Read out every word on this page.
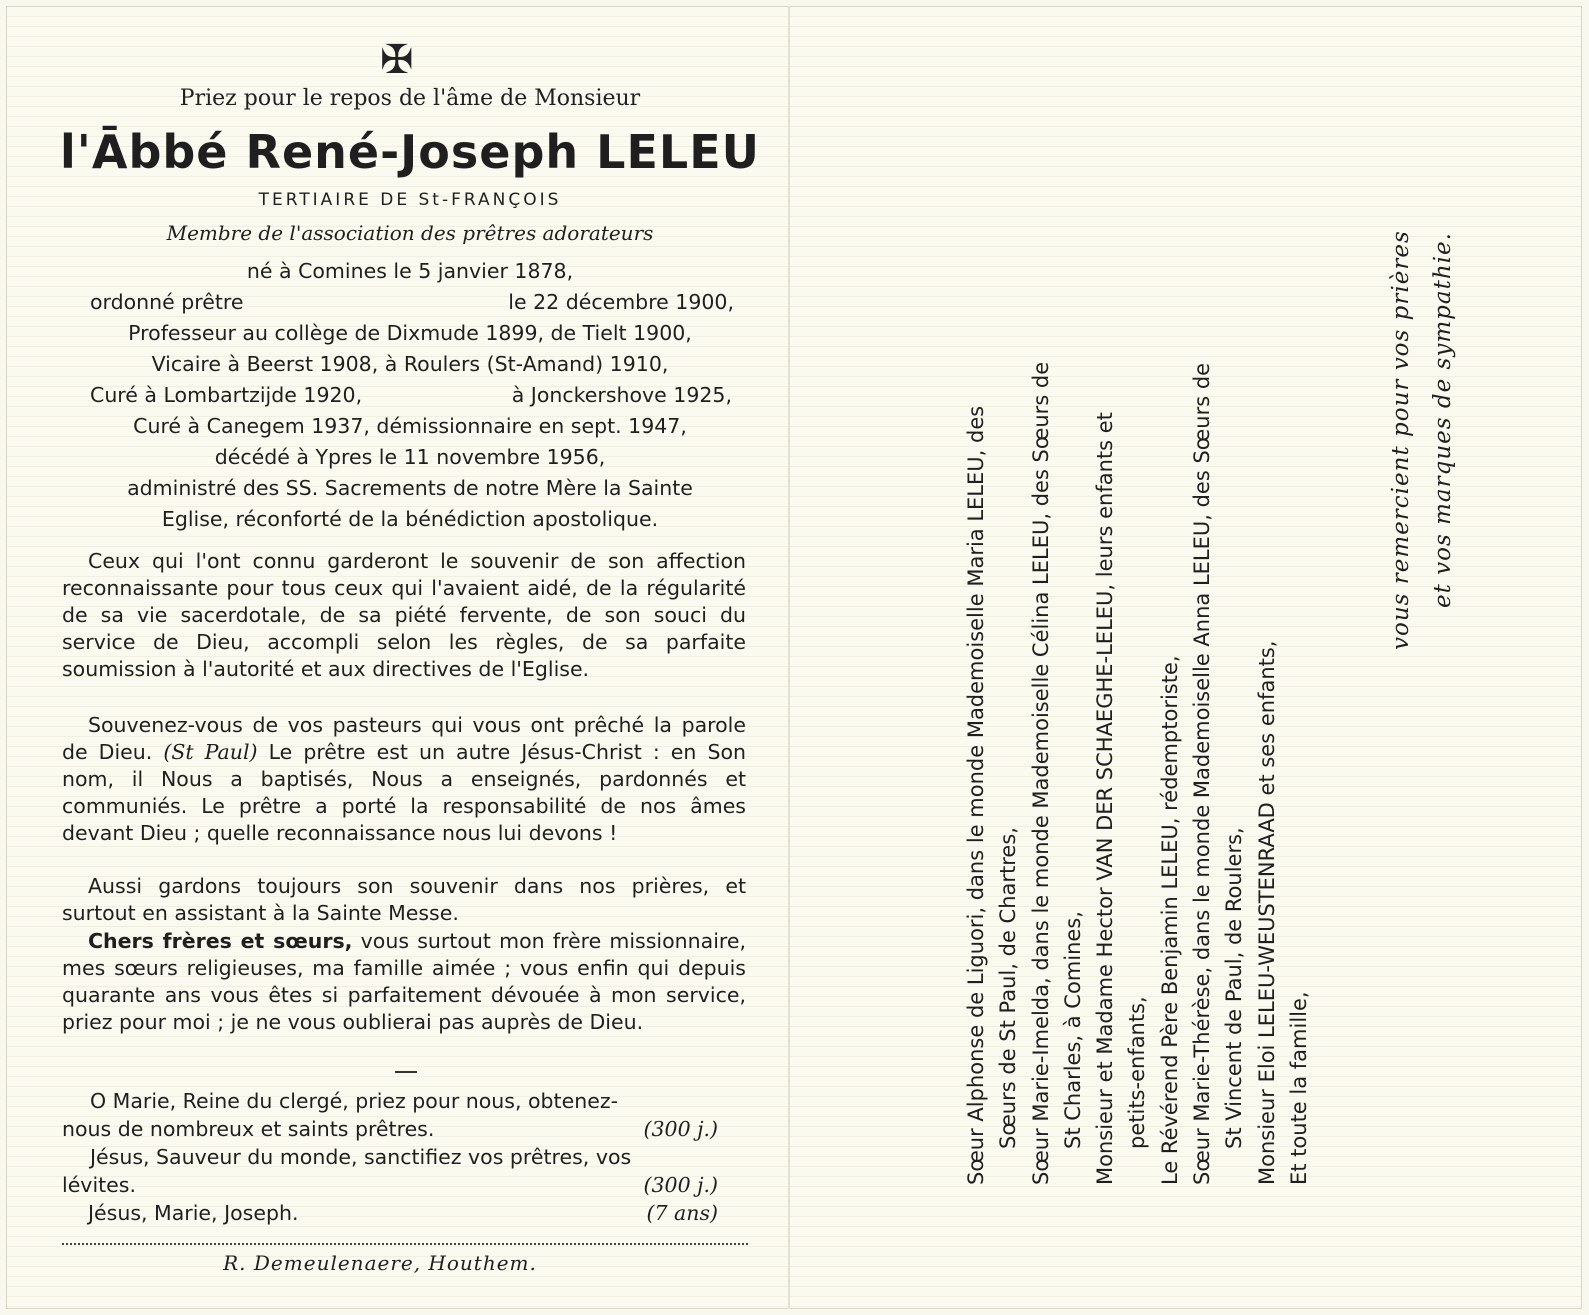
✠
Priez pour le repos de l'âme de Monsieur
l'Ābbé René-Joseph LELEU
TERTIAIRE DE St-FRANÇOIS
Membre de l'association des prêtres adorateurs
né à Comines le 5 janvier 1878,
ordonné prêtre	le 22 décembre 1900,
Professeur au collège de Dixmude 1899, de Tielt 1900,
Vicaire à Beerst 1908, à Roulers (St-Amand) 1910,
Curé à Lombartzijde 1920,	à Jonckershove 1925,
Curé à Canegem 1937, démissionnaire en sept. 1947,
décédé à Ypres le 11 novembre 1956,
administré des SS. Sacrements de notre Mère la Sainte
Eglise, réconforté de la bénédiction apostolique.
Ceux qui l'ont connu garderont le souvenir de son affection reconnaissante pour tous ceux qui l'avaient aidé, de la régularité de sa vie sacerdotale, de sa piété fervente, de son souci du service de Dieu, accompli selon les règles, de sa parfaite soumission à l'autorité et aux directives de l'Eglise.
Souvenez-vous de vos pasteurs qui vous ont prêché la parole de Dieu. (St Paul) Le prêtre est un autre Jésus-Christ : en Son nom, il Nous a baptisés, Nous a enseignés, pardonnés et communiés. Le prêtre a porté la responsabilité de nos âmes devant Dieu ; quelle reconnaissance nous lui devons !
Aussi gardons toujours son souvenir dans nos prières, et surtout en assistant à la Sainte Messe.
Chers frères et sœurs, vous surtout mon frère missionnaire, mes sœurs religieuses, ma famille aimée ; vous enfin qui depuis quarante ans vous êtes si parfaitement dévouée à mon service, priez pour moi ; je ne vous oublierai pas auprès de Dieu.
O Marie, Reine du clergé, priez pour nous, obtenez-
nous de nombreux et saints prêtres.	(300 j.)
Jésus, Sauveur du monde, sanctifiez vos prêtres, vos
lévites.	(300 j.)
Jésus, Marie, Joseph.	(7 ans)
R. Demeulenaere, Houthem.
Sœur Alphonse de Liguori, dans le monde Mademoiselle Maria LELEU, des Sœurs de St Paul, de Chartres, Sœur Marie-Imelda, dans le monde Mademoiselle Célina LELEU, des Sœurs de St Charles, à Comines, Monsieur et Madame Hector VAN DER SCHAEGHE-LELEU, leurs enfants et petits-enfants, Le Révérend Père Benjamin LELEU, rédemptoriste, Sœur Marie-Thérèse, dans le monde Mademoiselle Anna LELEU, des Sœurs de St Vincent de Paul, de Roulers, Monsieur Eloi LELEU-WEUSTENRAAD et ses enfants, Et toute la famille,
vous remercient pour vos prières et vos marques de sympathie.
